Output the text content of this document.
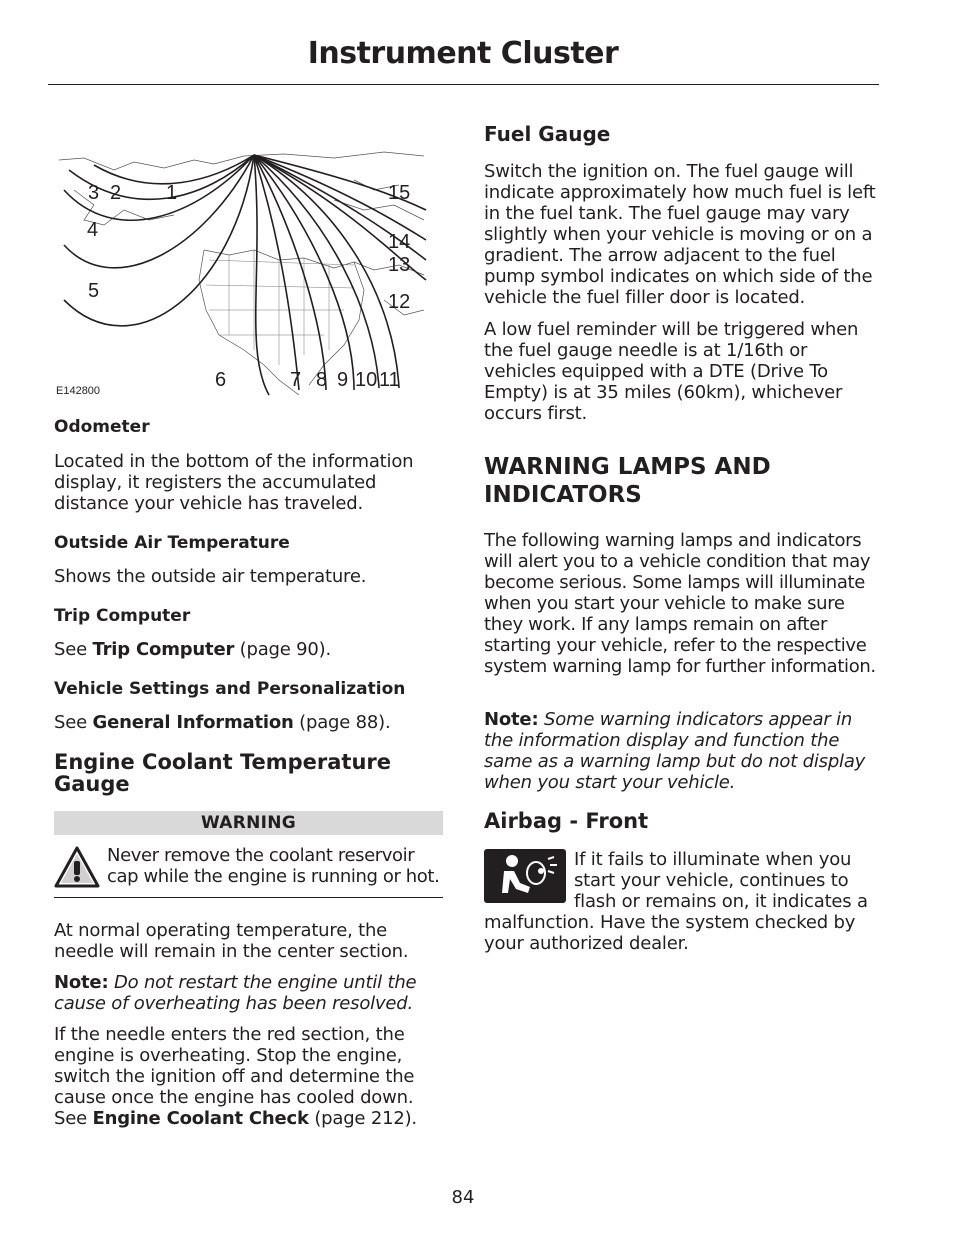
Instrument Cluster
1
2
3
4
5
6	7 8 9 10 11
12
13
14
15
E142800

Odometer

Located in the bottom of the information display, it registers the accumulated distance your vehicle has traveled.

Outside Air Temperature

Shows the outside air temperature.

Trip Computer

See Trip Computer (page 90).

Vehicle Settings and Personalization

See General Information (page 88).

Engine Coolant Temperature Gauge

WARNING

Never remove the coolant reservoir cap while the engine is running or hot.

At normal operating temperature, the needle will remain in the center section.

Note: Do not restart the engine until the cause of overheating has been resolved.

If the needle enters the red section, the engine is overheating. Stop the engine, switch the ignition off and determine the cause once the engine has cooled down. See Engine Coolant Check (page 212).

Fuel Gauge

Switch the ignition on. The fuel gauge will indicate approximately how much fuel is left in the fuel tank. The fuel gauge may vary slightly when your vehicle is moving or on a gradient. The arrow adjacent to the fuel pump symbol indicates on which side of the vehicle the fuel filler door is located.

A low fuel reminder will be triggered when the fuel gauge needle is at 1/16th or vehicles equipped with a DTE (Drive To Empty) is at 35 miles (60km), whichever occurs first.

WARNING LAMPS AND INDICATORS

The following warning lamps and indicators will alert you to a vehicle condition that may become serious. Some lamps will illuminate when you start your vehicle to make sure they work. If any lamps remain on after starting your vehicle, refer to the respective system warning lamp for further information.

Note: Some warning indicators appear in the information display and function the same as a warning lamp but do not display when you start your vehicle.

Airbag - Front

If it fails to illuminate when you start your vehicle, continues to flash or remains on, it indicates a malfunction. Have the system checked by your authorized dealer.

84
